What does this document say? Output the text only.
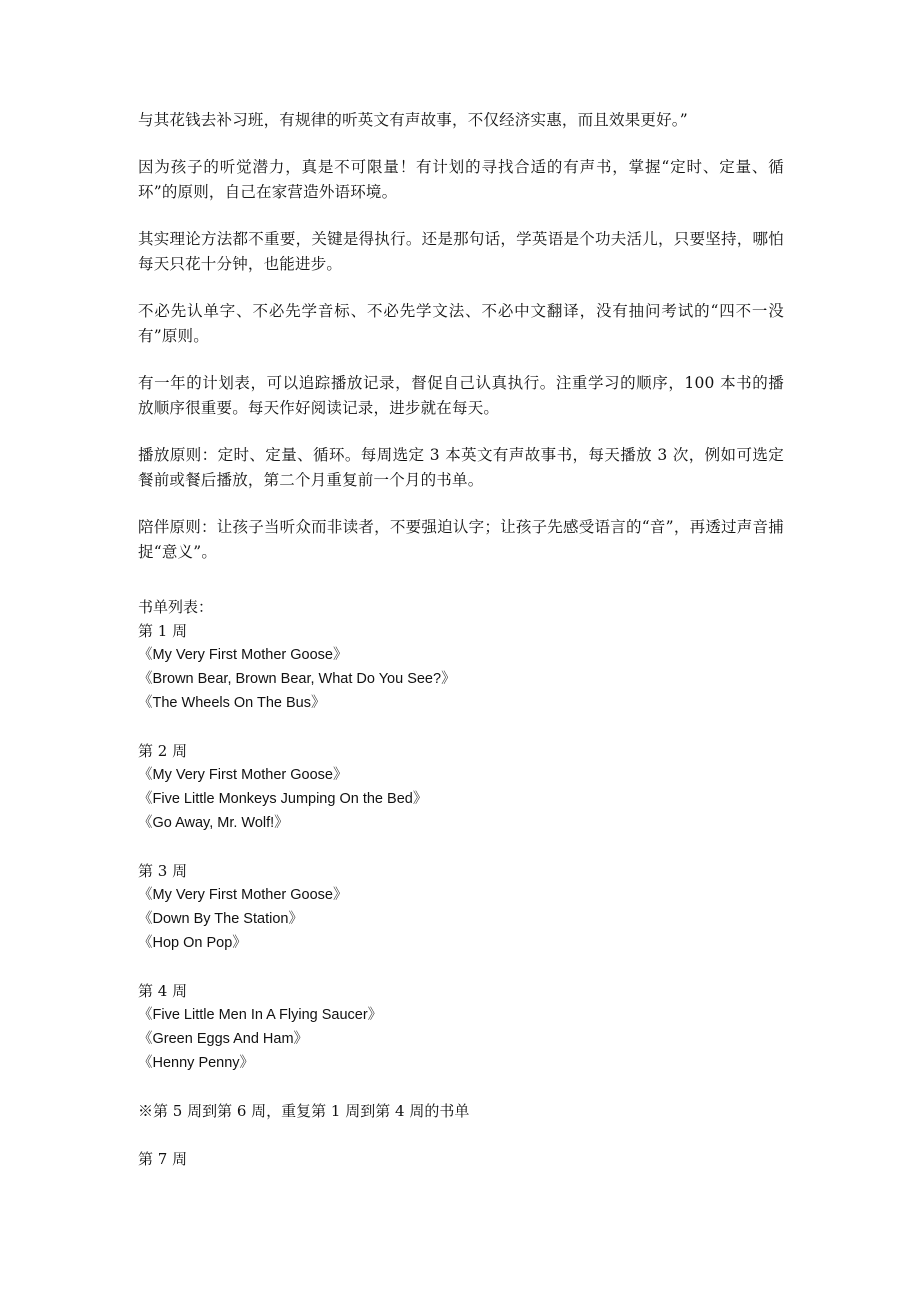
与其花钱去补习班，有规律的听英文有声故事，不仅经济实惠，而且效果更好。”

因为孩子的听觉潜力，真是不可限量！有计划的寻找合适的有声书，掌握“定时、定量、循环”的原则，自己在家营造外语环境。

其实理论方法都不重要，关键是得执行。还是那句话，学英语是个功夫活儿，只要坚持，哪怕每天只花十分钟，也能进步。

不必先认单字、不必先学音标、不必先学文法、不必中文翻译，没有抽问考试的“四不一没有”原则。

有一年的计划表，可以追踪播放记录，督促自己认真执行。注重学习的顺序，100 本书的播放顺序很重要。每天作好阅读记录，进步就在每天。

播放原则：定时、定量、循环。每周选定 3 本英文有声故事书，每天播放 3 次，例如可选定餐前或餐后播放，第二个月重复前一个月的书单。

陪伴原则：让孩子当听众而非读者，不要强迫认字；让孩子先感受语言的“音”，再透过声音捕捉“意义”。

书单列表：
第 1 周
《My Very First Mother Goose》
《Brown Bear, Brown Bear, What Do You See?》
《The Wheels On The Bus》
第 2 周
《My Very First Mother Goose》
《Five Little Monkeys Jumping On the Bed》
《Go Away, Mr. Wolf!》
第 3 周
《My Very First Mother Goose》
《Down By The Station》
《Hop On Pop》
第 4 周
《Five Little Men In A Flying Saucer》
《Green Eggs And Ham》
《Henny Penny》
※第 5 周到第 6 周，重复第 1 周到第 4 周的书单
第 7 周
